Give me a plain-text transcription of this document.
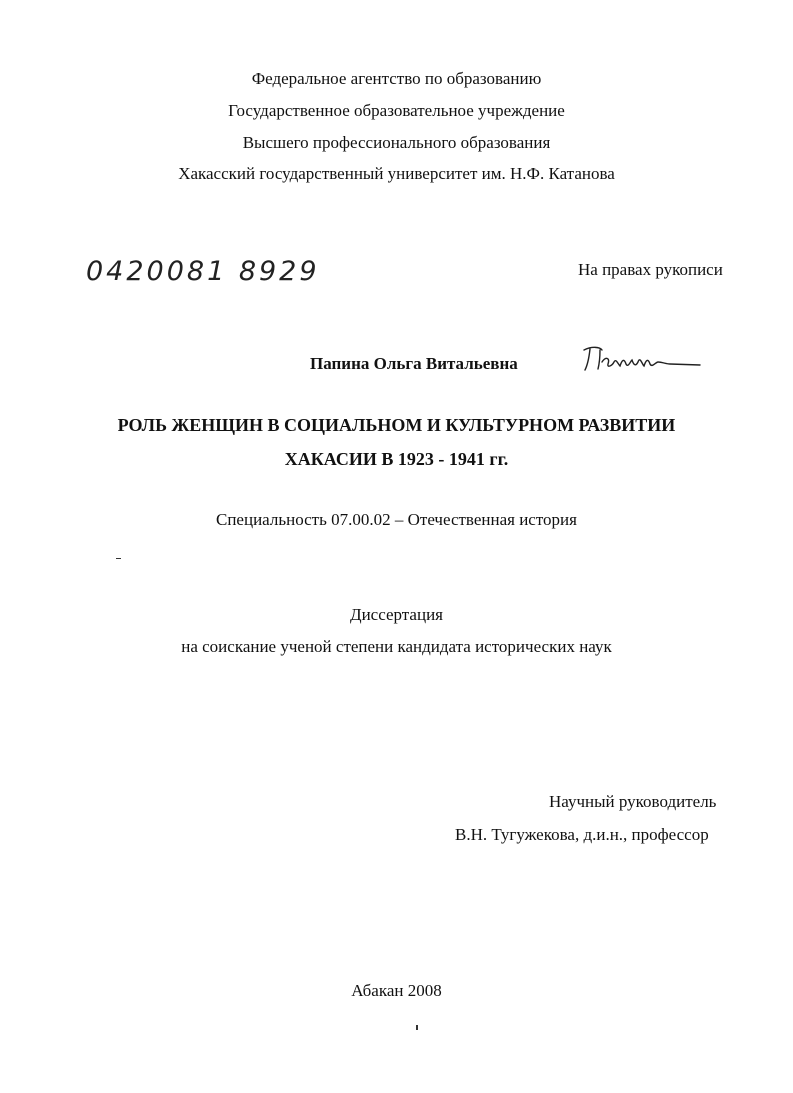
Федеральное агентство по образованию
Государственное образовательное учреждение
Высшего профессионального образования
Хакасский государственный университет им. Н.Ф. Катанова
0420081 8929	На правах рукописи
Папина Ольга Витальевна
РОЛЬ ЖЕНЩИН В СОЦИАЛЬНОМ И КУЛЬТУРНОМ РАЗВИТИИ
ХАКАСИИ В 1923 - 1941 гг.
Специальность 07.00.02 – Отечественная история
Диссертация
на соискание ученой степени кандидата исторических наук
Научный руководитель
В.Н. Тугужекова, д.и.н., профессор
Абакан 2008
